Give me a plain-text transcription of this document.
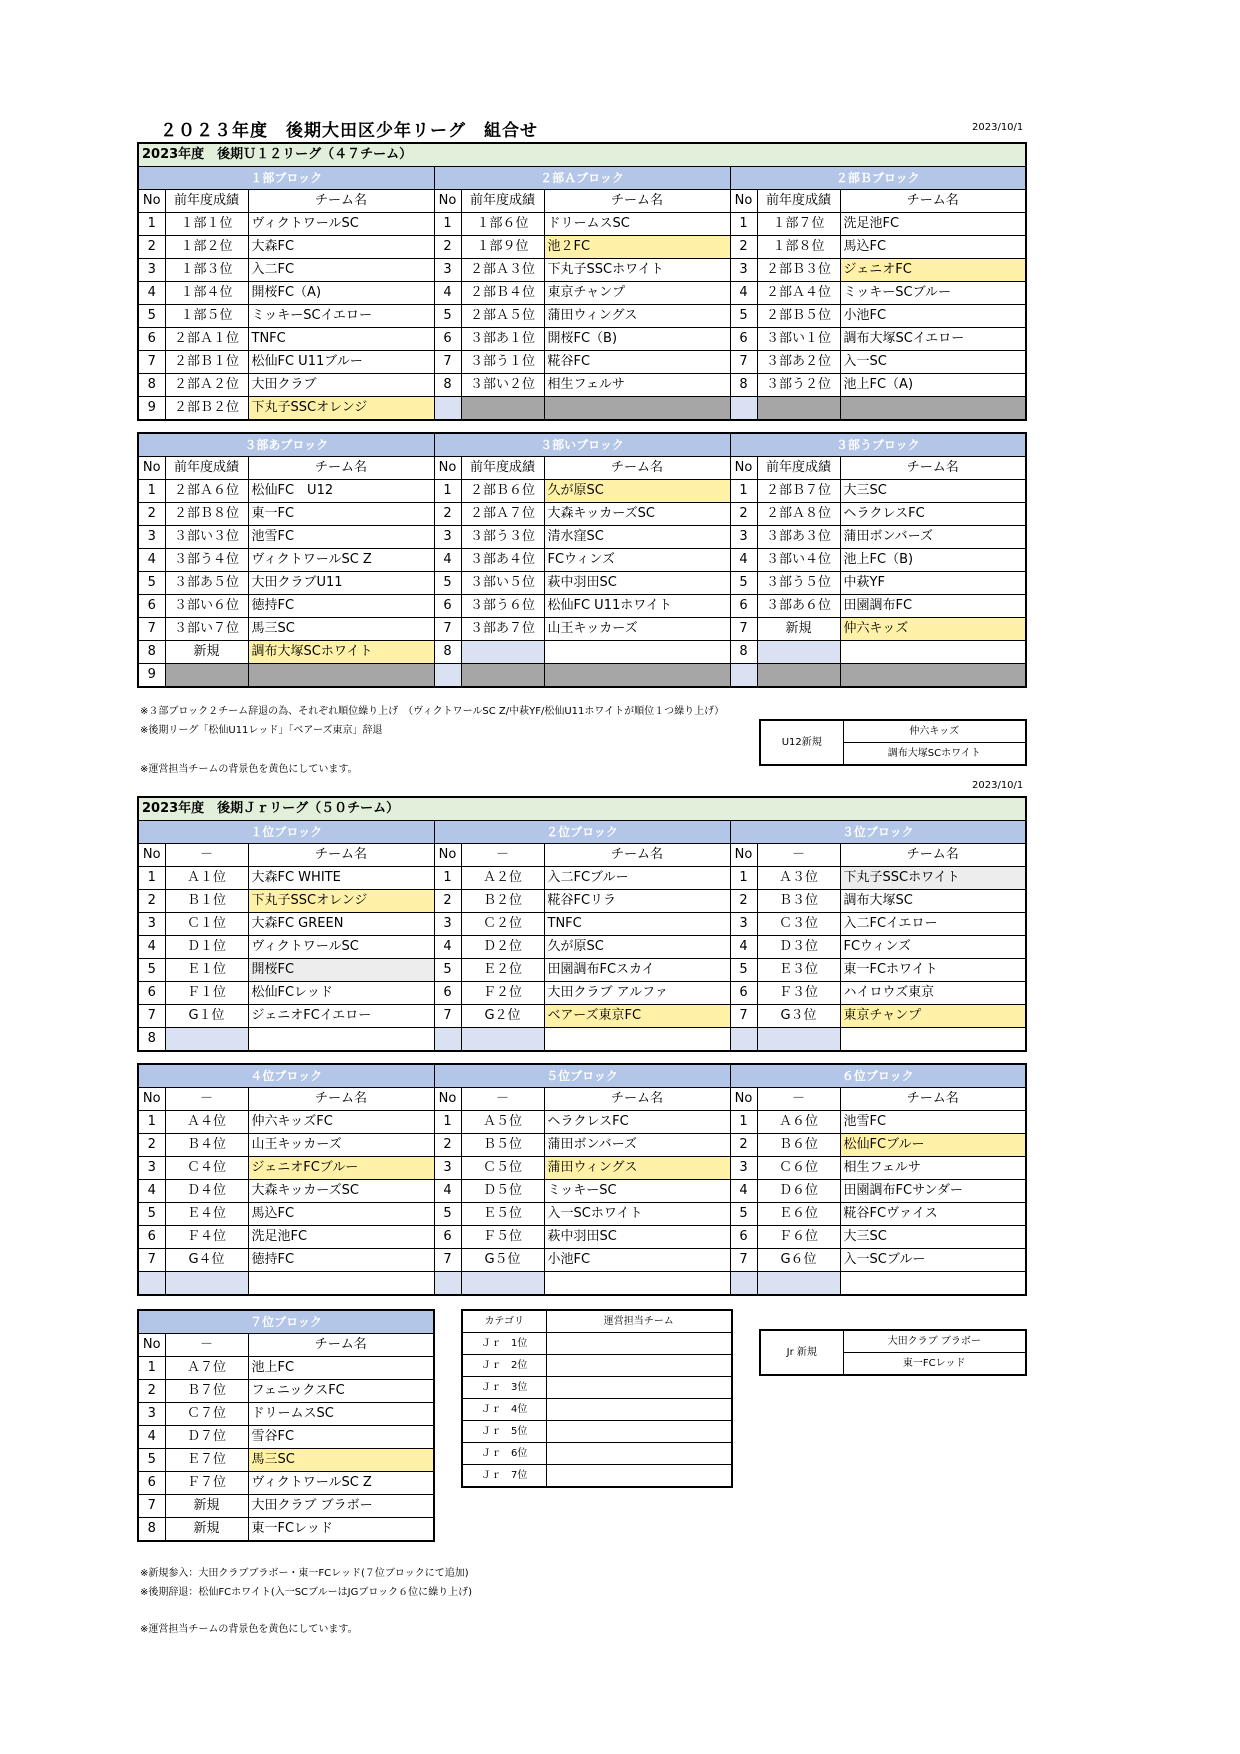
２０２３年度　後期大田区少年リーグ　組合せ	2023/10/1
2023年度　後期Ｕ１２リーグ（４７チーム）								
１部ブロック			２部Ａブロック			２部Ｂブロック		
No	前年度成績	チーム名	No	前年度成績	チーム名	No	前年度成績	チーム名
1	１部１位	ヴィクトワールSC	1	１部６位	ドリームスSC	1	１部７位	洗足池FC
2	１部２位	大森FC	2	１部９位	池２FC	2	１部８位	馬込FC
3	１部３位	入二FC	3	２部Ａ３位	下丸子SSCホワイト	3	２部Ｂ３位	ジェニオFC
4	１部４位	開桜FC（A)	4	２部Ｂ４位	東京チャンプ	4	２部Ａ４位	ミッキーSCブルー
5	１部５位	ミッキーSCイエロー	5	２部Ａ５位	蒲田ウィングス	5	２部Ｂ５位	小池FC
6	２部Ａ１位	TNFC	6	３部あ１位	開桜FC（B)	6	３部い１位	調布大塚SCイエロー
7	２部Ｂ１位	松仙FC U11ブルー	7	３部う１位	糀谷FC	7	３部あ２位	入一SC
8	２部Ａ２位	大田クラブ	8	３部い２位	相生フェルサ	8	３部う２位	池上FC（A)
9	２部Ｂ２位	下丸子SSCオレンジ						
３部あブロック			３部いブロック			３部うブロック		
No	前年度成績	チーム名	No	前年度成績	チーム名	No	前年度成績	チーム名
1	２部Ａ６位	松仙FC　U12	1	２部Ｂ６位	久が原SC	1	２部Ｂ７位	大三SC
2	２部Ｂ８位	東一FC	2	２部Ａ７位	大森キッカーズSC	2	２部Ａ８位	ヘラクレスFC
3	３部い３位	池雪FC	3	３部う３位	清水窪SC	3	３部あ３位	蒲田ボンバーズ
4	３部う４位	ヴィクトワールSC Z	4	３部あ４位	FCウィンズ	4	３部い４位	池上FC（B)
5	３部あ５位	大田クラブU11	5	３部い５位	萩中羽田SC	5	３部う５位	中萩YF
6	３部い６位	徳持FC	6	３部う６位	松仙FC U11ホワイト	6	３部あ６位	田園調布FC
7	３部い７位	馬三SC	7	３部あ７位	山王キッカーズ	7	新規	仲六キッズ
8	新規	調布大塚SCホワイト	8			8		
9								
※３部ブロック２チーム辞退の為、それぞれ順位繰り上げ　（ヴィクトワールSC Z/中萩YF/松仙U11ホワイトが順位１つ繰り上げ）
※後期リーグ「松仙U11レッド」「ベアーズ東京」辞退
※運営担当チームの背景色を黄色にしています。
U12新規	仲六キッズ
調布大塚SCホワイト
2023/10/1
2023年度　後期Ｊｒリーグ（５０チーム）								
１位ブロック			２位ブロック			３位ブロック		
No	－	チーム名	No	－	チーム名	No	－	チーム名
1	Ａ１位	大森FC WHITE	1	Ａ２位	入二FCブルー	1	Ａ３位	下丸子SSCホワイト
2	Ｂ１位	下丸子SSCオレンジ	2	Ｂ２位	糀谷FCリラ	2	Ｂ３位	調布大塚SC
3	Ｃ１位	大森FC GREEN	3	Ｃ２位	TNFC	3	Ｃ３位	入二FCイエロー
4	Ｄ１位	ヴィクトワールSC	4	Ｄ２位	久が原SC	4	Ｄ３位	FCウィンズ
5	Ｅ１位	開桜FC	5	Ｅ２位	田園調布FCスカイ	5	Ｅ３位	東一FCホワイト
6	Ｆ１位	松仙FCレッド	6	Ｆ２位	大田クラブ アルファ	6	Ｆ３位	ハイロウズ東京
7	G１位	ジェニオFCイエロー	7	G２位	ベアーズ東京FC	7	G３位	東京チャンプ
8								
４位ブロック			５位ブロック			６位ブロック		
No	－	チーム名	No	－	チーム名	No	－	チーム名
1	Ａ４位	仲六キッズFC	1	Ａ５位	ヘラクレスFC	1	Ａ６位	池雪FC
2	Ｂ４位	山王キッカーズ	2	Ｂ５位	蒲田ボンバーズ	2	Ｂ６位	松仙FCブルー
3	Ｃ４位	ジェニオFCブルー	3	Ｃ５位	蒲田ウィングス	3	Ｃ６位	相生フェルサ
4	Ｄ４位	大森キッカーズSC	4	Ｄ５位	ミッキーSC	4	Ｄ６位	田園調布FCサンダー
5	Ｅ４位	馬込FC	5	Ｅ５位	入一SCホワイト	5	Ｅ６位	糀谷FCヴァイス
6	Ｆ４位	洗足池FC	6	Ｆ５位	萩中羽田SC	6	Ｆ６位	大三SC
7	G４位	徳持FC	7	G５位	小池FC	7	G６位	入一SCブルー

７位ブロック		
No	－	チーム名
1	Ａ７位	池上FC
2	Ｂ７位	フェニックスFC
3	Ｃ７位	ドリームスSC
4	Ｄ７位	雪谷FC
5	Ｅ７位	馬三SC
6	Ｆ７位	ヴィクトワールSC Z
7	新規	大田クラブ ブラボー
8	新規	東一FCレッド
カテゴリ	運営担当チーム
Ｊｒ　1位	
Ｊｒ　2位	
Ｊｒ　3位	
Ｊｒ　4位	
Ｊｒ　5位	
Ｊｒ　6位	
Ｊｒ　7位	
Jr 新規	大田クラブ ブラボー
東一FCレッド
※新規参入：大田クラブブラボー・東一FCレッド(７位ブロックにて追加)
※後期辞退：松仙FCホワイト(入一SCブルーはJGブロック６位に繰り上げ)
※運営担当チームの背景色を黄色にしています。
